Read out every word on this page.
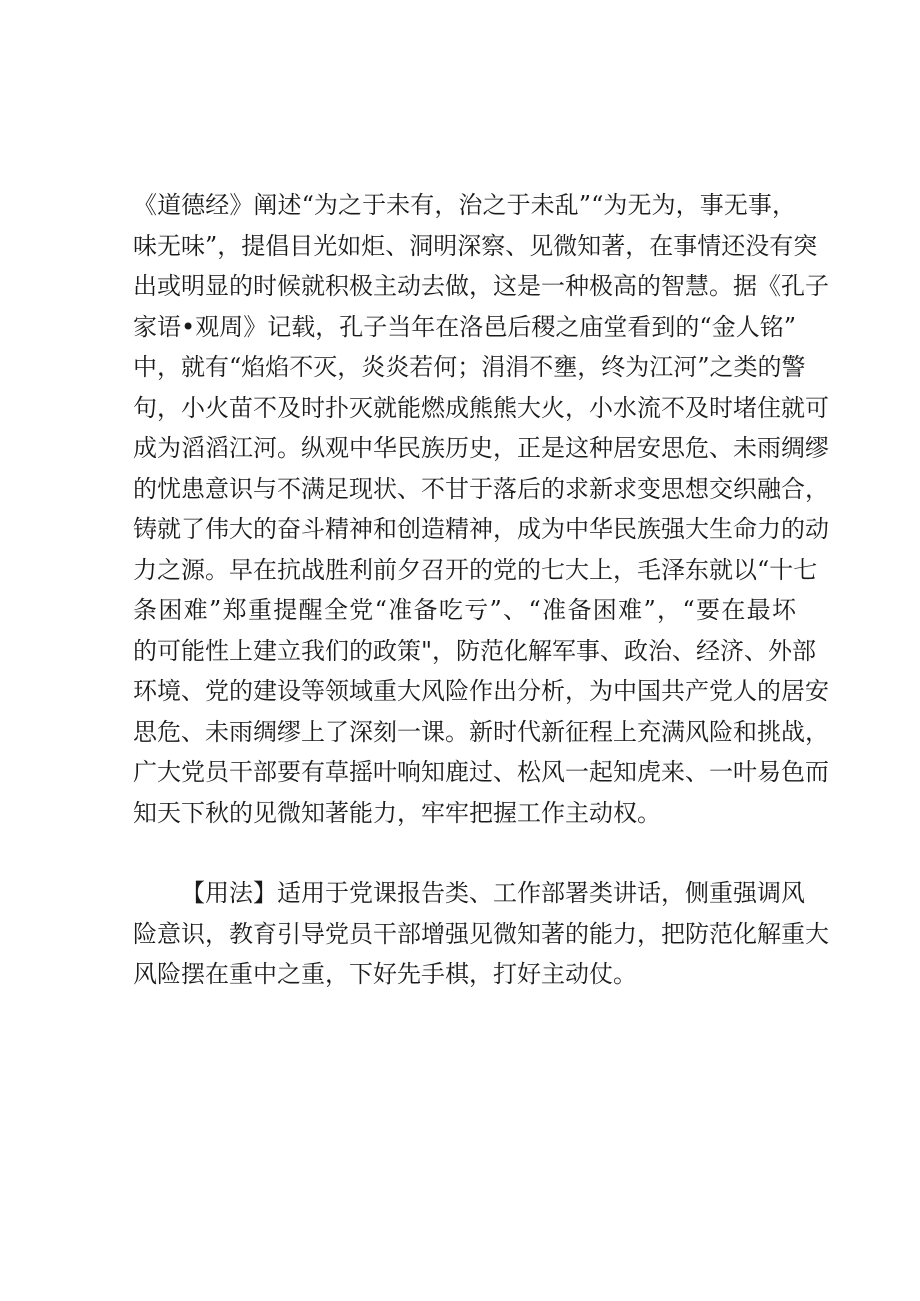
《道德经》阐述“为之于未有，治之于未乱”“为无为，事无事，
味无味”，提倡目光如炬、洞明深察、见微知著，在事情还没有突
出或明显的时候就积极主动去做，这是一种极高的智慧。据《孔子
家语•观周》记载，孔子当年在洛邑后稷之庙堂看到的“金人铭”
中，就有“焰焰不灭，炎炎若何；涓涓不壅，终为江河”之类的警
句，小火苗不及时扑灭就能燃成熊熊大火，小水流不及时堵住就可
成为滔滔江河。纵观中华民族历史，正是这种居安思危、未雨绸缪
的忧患意识与不满足现状、不甘于落后的求新求变思想交织融合，
铸就了伟大的奋斗精神和创造精神，成为中华民族强大生命力的动
力之源。早在抗战胜利前夕召开的党的七大上，毛泽东就以“十七
条困难”郑重提醒全党“准备吃亏”、“准备困难”，“要在最坏
的可能性上建立我们的政策"，防范化解军事、政治、经济、外部
环境、党的建设等领域重大风险作出分析，为中国共产党人的居安
思危、未雨绸缪上了深刻一课。新时代新征程上充满风险和挑战，
广大党员干部要有草摇叶响知鹿过、松风一起知虎来、一叶易色而
知天下秋的见微知著能力，牢牢把握工作主动权。
【用法】适用于党课报告类、工作部署类讲话，侧重强调风
险意识，教育引导党员干部增强见微知著的能力，把防范化解重大
风险摆在重中之重，下好先手棋，打好主动仗。
